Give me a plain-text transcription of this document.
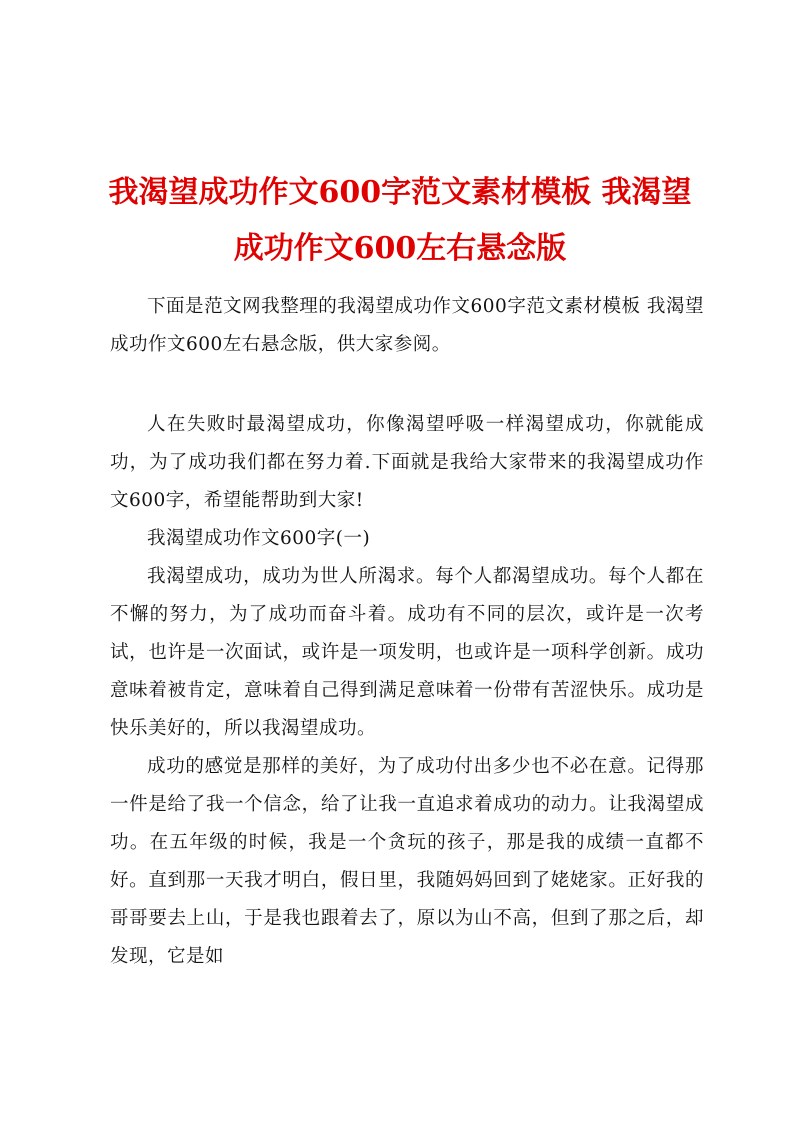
我渴望成功作文600字范文素材模板 我渴望成功作文600左右悬念版

下面是范文网我整理的我渴望成功作文600字范文素材模板 我渴望成功作文600左右悬念版，供大家参阅。

人在失败时最渴望成功，你像渴望呼吸一样渴望成功，你就能成功，为了成功我们都在努力着.下面就是我给大家带来的我渴望成功作文600字，希望能帮助到大家!

我渴望成功作文600字(一)

我渴望成功，成功为世人所渴求。每个人都渴望成功。每个人都在不懈的努力，为了成功而奋斗着。成功有不同的层次，或许是一次考试，也许是一次面试，或许是一项发明，也或许是一项科学创新。成功意味着被肯定，意味着自己得到满足意味着一份带有苦涩快乐。成功是快乐美好的，所以我渴望成功。

成功的感觉是那样的美好，为了成功付出多少也不必在意。记得那一件是给了我一个信念，给了让我一直追求着成功的动力。让我渴望成功。在五年级的时候，我是一个贪玩的孩子，那是我的成绩一直都不好。直到那一天我才明白，假日里，我随妈妈回到了姥姥家。正好我的哥哥要去上山，于是我也跟着去了，原以为山不高，但到了那之后，却发现，它是如
